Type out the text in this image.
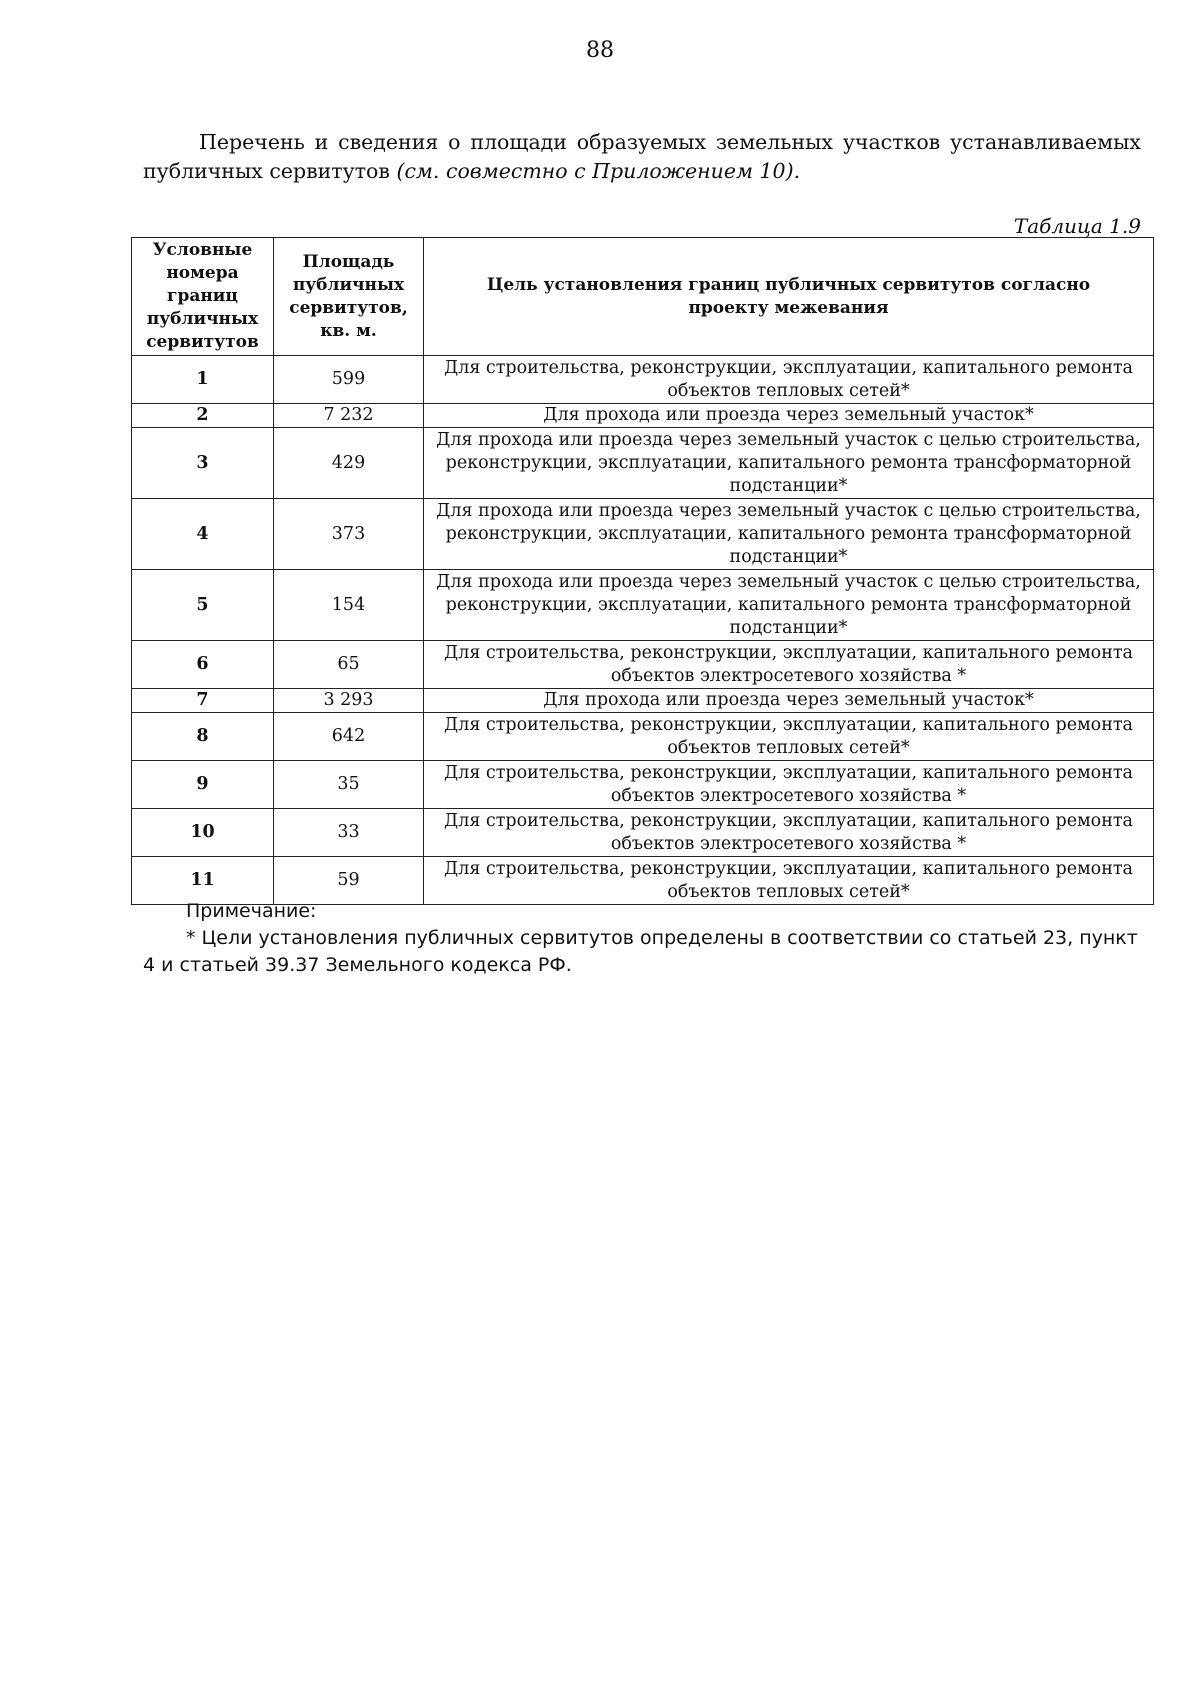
88

Перечень и сведения о площади образуемых земельных участков устанавливаемых публичных сервитутов (см. совместно с Приложением 10).

Таблица 1.9
Условные номера границ публичных сервитутов	Площадь публичных сервитутов, кв. м.	Цель установления границ публичных сервитутов согласно проекту межевания
1	599	Для строительства, реконструкции, эксплуатации, капитального ремонта объектов тепловых сетей*
2	7 232	Для прохода или проезда через земельный участок*
3	429	Для прохода или проезда через земельный участок с целью строительства, реконструкции, эксплуатации, капитального ремонта трансформаторной подстанции*
4	373	Для прохода или проезда через земельный участок с целью строительства, реконструкции, эксплуатации, капитального ремонта трансформаторной подстанции*
5	154	Для прохода или проезда через земельный участок с целью строительства, реконструкции, эксплуатации, капитального ремонта трансформаторной подстанции*
6	65	Для строительства, реконструкции, эксплуатации, капитального ремонта объектов электросетевого хозяйства *
7	3 293	Для прохода или проезда через земельный участок*
8	642	Для строительства, реконструкции, эксплуатации, капитального ремонта объектов тепловых сетей*
9	35	Для строительства, реконструкции, эксплуатации, капитального ремонта объектов электросетевого хозяйства *
10	33	Для строительства, реконструкции, эксплуатации, капитального ремонта объектов электросетевого хозяйства *
11	59	Для строительства, реконструкции, эксплуатации, капитального ремонта объектов тепловых сетей*
Примечание:
* Цели установления публичных сервитутов определены в соответствии со статьей 23, пункт 4 и статьей 39.37 Земельного кодекса РФ.
